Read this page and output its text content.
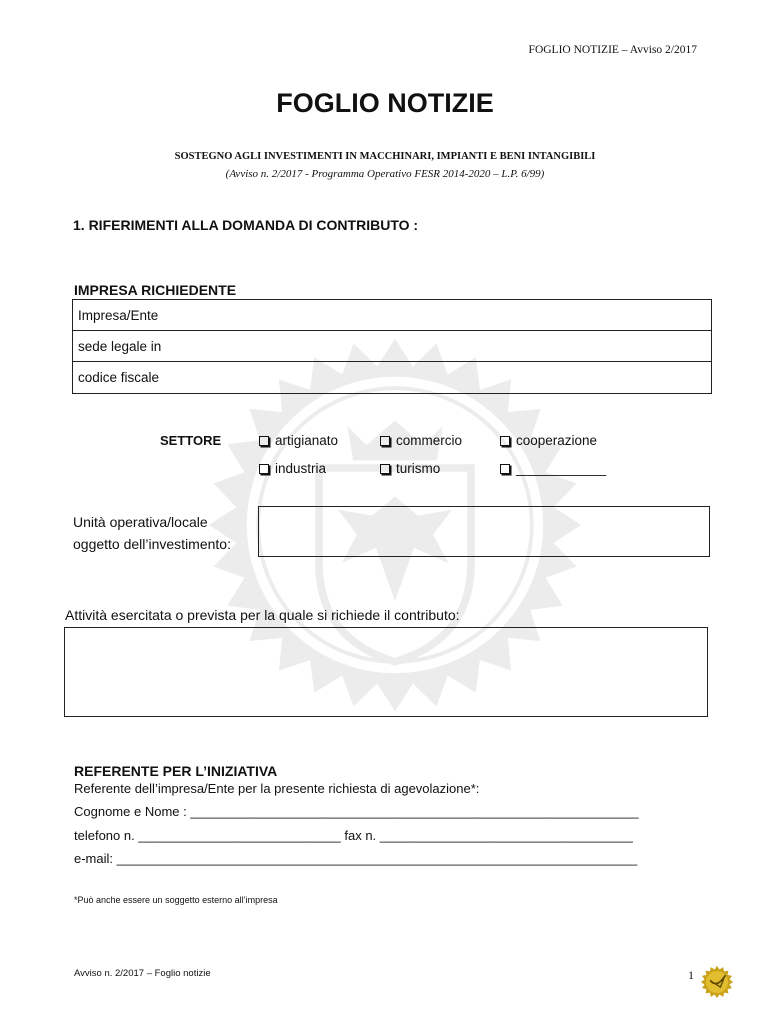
FOGLIO NOTIZIE – Avviso 2/2017
FOGLIO NOTIZIE
SOSTEGNO AGLI INVESTIMENTI IN MACCHINARI, IMPIANTI E BENI INTANGIBILI
(Avviso n. 2/2017 - Programma Operativo FESR 2014-2020 – L.P. 6/99)
1. RIFERIMENTI ALLA DOMANDA DI CONTRIBUTO :
IMPRESA RICHIEDENTE
Impresa/Ente
sede legale in
codice fiscale
SETTORE	artigianato	commercio	cooperazione
industria	turismo	____________
Unità operativa/locale
oggetto dell’investimento:
Attività esercitata o prevista per la quale si richiede il contributo:
REFERENTE PER L’INIZIATIVA
Referente dell’impresa/Ente per la presente richiesta di agevolazione*:
Cognome e Nome : ______________________________________________________________
telefono n. ____________________________ fax n. ___________________________________
e-mail: ________________________________________________________________________
*Può anche essere un soggetto esterno all’impresa
Avviso n. 2/2017 – Foglio notizie	1
